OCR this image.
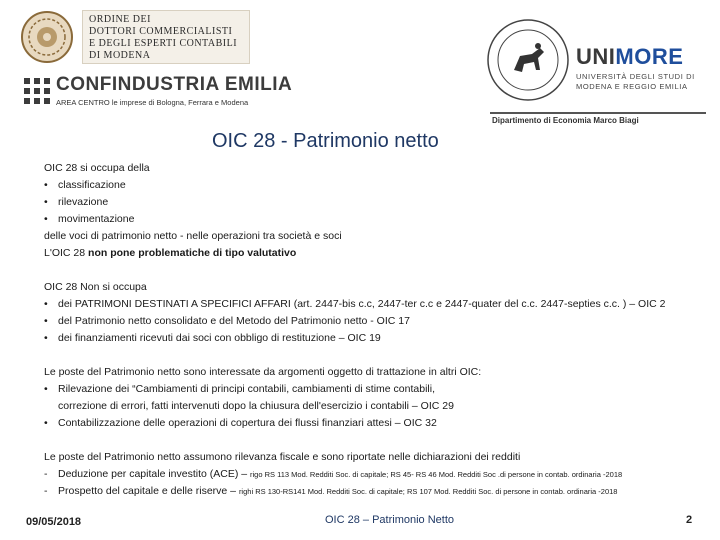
ORDINE DEI
DOTTORI COMMERCIALISTI
E DEGLI ESPERTI CONTABILI
DI MODENA
CONFINDUSTRIA EMILIA
AREA CENTRO le imprese di Bologna, Ferrara e Modena
UNIMORE
UNIVERSITÀ DEGLI STUDI DI
MODENA E REGGIO EMILIA
Dipartimento di Economia Marco Biagi
OIC 28 - Patrimonio netto
OIC 28 si occupa della
• classificazione
• rilevazione
• movimentazione
delle voci di patrimonio netto - nelle operazioni tra società e soci
L'OIC 28 non pone problematiche di tipo valutativo
OIC 28 Non si occupa
• dei PATRIMONI DESTINATI A SPECIFICI AFFARI (art. 2447-bis c.c, 2447-ter c.c e 2447-quater del c.c. 2447-septies c.c. ) – OIC 2
• del Patrimonio netto consolidato e del Metodo del Patrimonio netto - OIC 17
• dei finanziamenti ricevuti dai soci con obbligo di restituzione – OIC 19
Le poste del Patrimonio netto sono interessate da argomenti oggetto di trattazione in altri OIC:
• Rilevazione dei “Cambiamenti di principi contabili, cambiamenti di stime contabili,
correzione di errori, fatti intervenuti dopo la chiusura dell'esercizio i contabili – OIC 29
• Contabilizzazione delle operazioni di copertura dei flussi finanziari attesi – OIC 32
Le poste del Patrimonio netto assumono rilevanza fiscale e sono riportate nelle dichiarazioni dei redditi
- Deduzione per capitale investito (ACE) – rigo RS 113 Mod. Redditi Soc. di capitale; RS 45- RS 46 Mod. Redditi Soc .di persone in contab. ordinaria -2018
- Prospetto del capitale e delle riserve – righi RS 130-RS141 Mod. Redditi Soc. di capitale; RS 107 Mod. Redditi Soc. di persone in contab. ordinaria -2018
09/05/2018	OIC 28 – Patrimonio Netto	2
